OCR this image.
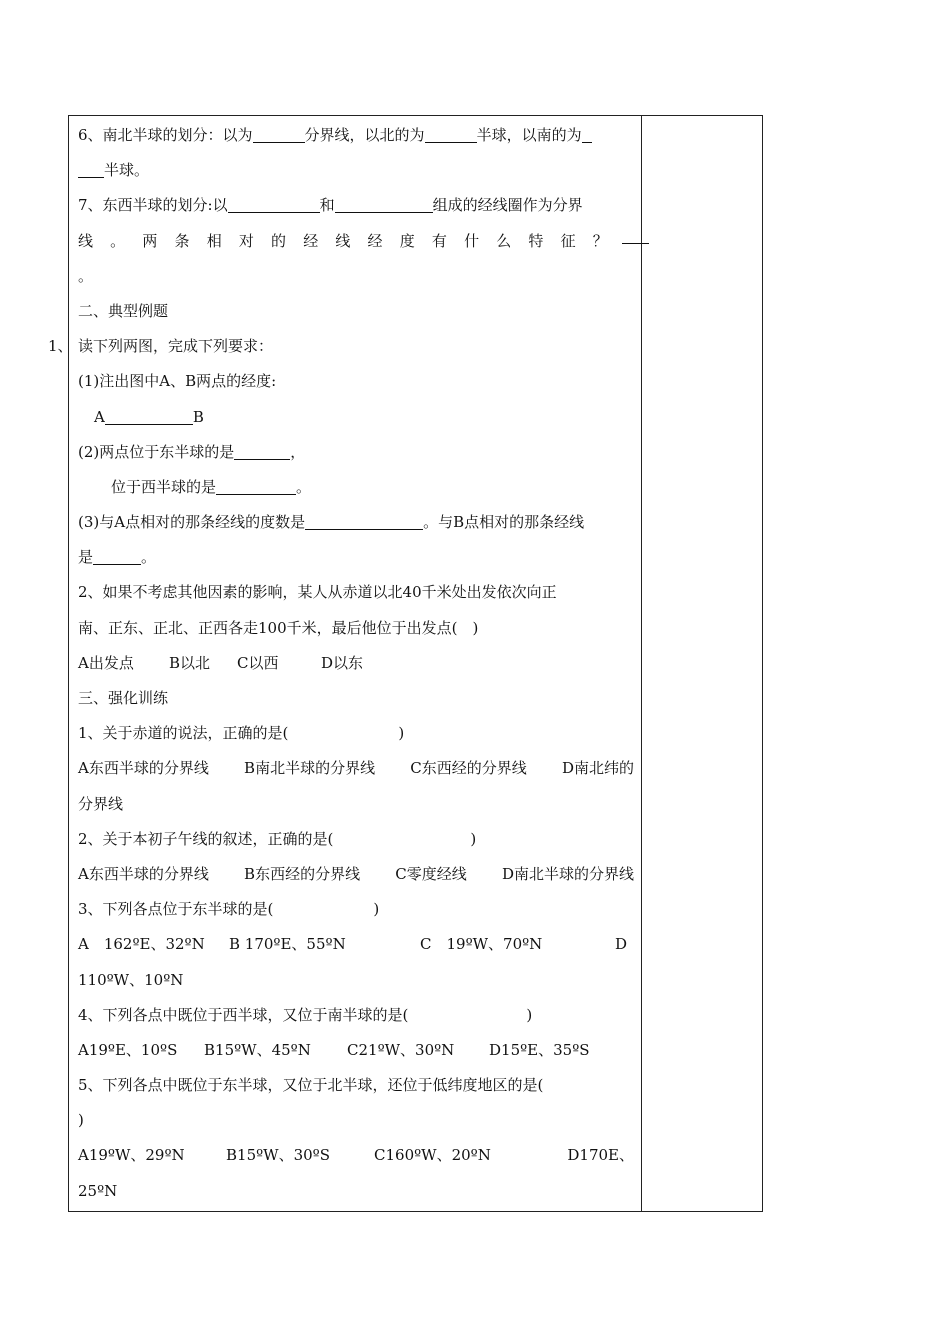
1、
6、南北半球的划分：以为	分界线，以北的为	半球，以南的为
半球。
7、东西半球的划分:以	和	组成的经线圈作为分界
线 。 两 条 相 对 的 经 线 经 度 有 什 么 特 征 ？
。
二、典型例题
读下列两图，完成下列要求：
(1)注出图中A、B两点的经度:
A	B
(2)两点位于东半球的是	，
位于西半球的是	。
(3)与A点相对的那条经线的度数是	。与B点相对的那条经线
是	。
2、如果不考虑其他因素的影响，某人从赤道以北40千米处出发依次向正
南、正东、正北、正西各走100千米，最后他位于出发点(　)
A出发点	B以北	C以西	D以东
三、强化训练
1、关于赤道的说法，正确的是(	)
A东西半球的分界线 B南北半球的分界线 C东西经的分界线 D南北纬的
分界线
2、关于本初子午线的叙述，正确的是(	)
A东西半球的分界线 B东西经的分界线 C零度经线 D南北半球的分界线
3、下列各点位于东半球的是(	)
A　162ºE、32ºN	B 170ºE、55ºN	C　19ºW、70ºN	D
110ºW、10ºN
4、下列各点中既位于西半球，又位于南半球的是(	)
A19ºE、10ºS	B15ºW、45ºN	C21ºW、30ºN	D15ºE、35ºS
5、下列各点中既位于东半球，又位于北半球，还位于低纬度地区的是(
)
A19ºW、29ºN	B15ºW、30ºS	C160ºW、20ºN	D170E、
25ºN
